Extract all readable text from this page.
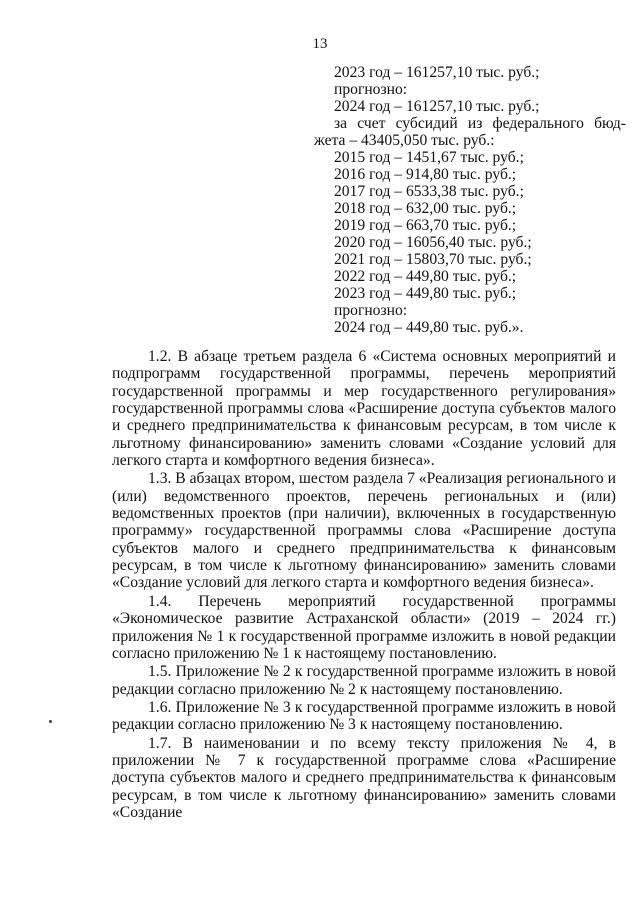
13
2023 год – 161257,10 тыс. руб.;
прогнозно:
2024 год – 161257,10 тыс. руб.;
за счет субсидий из федерального бюд-
жета – 43405,050 тыс. руб.:
2015 год – 1451,67 тыс. руб.;
2016 год – 914,80 тыс. руб.;
2017 год – 6533,38 тыс. руб.;
2018 год – 632,00 тыс. руб.;
2019 год – 663,70 тыс. руб.;
2020 год – 16056,40 тыс. руб.;
2021 год – 15803,70 тыс. руб.;
2022 год – 449,80 тыс. руб.;
2023 год – 449,80 тыс. руб.;
прогнозно:
2024 год – 449,80 тыс. руб.».

1.2. В абзаце третьем раздела 6 «Система основных мероприятий и подпрограмм государственной программы, перечень мероприятий государственной программы и мер государственного регулирования» государственной программы слова «Расширение доступа субъектов малого и среднего предпринимательства к финансовым ресурсам, в том числе к льготному финансированию» заменить словами «Создание условий для легкого старта и комфортного ведения бизнеса».

1.3. В абзацах втором, шестом раздела 7 «Реализация регионального и (или) ведомственного проектов, перечень региональных и (или) ведомственных проектов (при наличии), включенных в государственную программу» государственной программы слова «Расширение доступа субъектов малого и среднего предпринимательства к финансовым ресурсам, в том числе к льготному финансированию» заменить словами «Создание условий для легкого старта и комфортного ведения бизнеса».

1.4. Перечень мероприятий государственной программы «Экономическое развитие Астраханской области» (2019 – 2024 гг.) приложения № 1 к государственной программе изложить в новой редакции согласно приложению № 1 к настоящему постановлению.

1.5. Приложение № 2 к государственной программе изложить в новой редакции согласно приложению № 2 к настоящему постановлению.

1.6. Приложение № 3 к государственной программе изложить в новой редакции согласно приложению № 3 к настоящему постановлению.

1.7. В наименовании и по всему тексту приложения № 4, в приложении № 7 к государственной программе слова «Расширение доступа субъектов малого и среднего предпринимательства к финансовым ресурсам, в том числе к льготному финансированию» заменить словами «Создание
